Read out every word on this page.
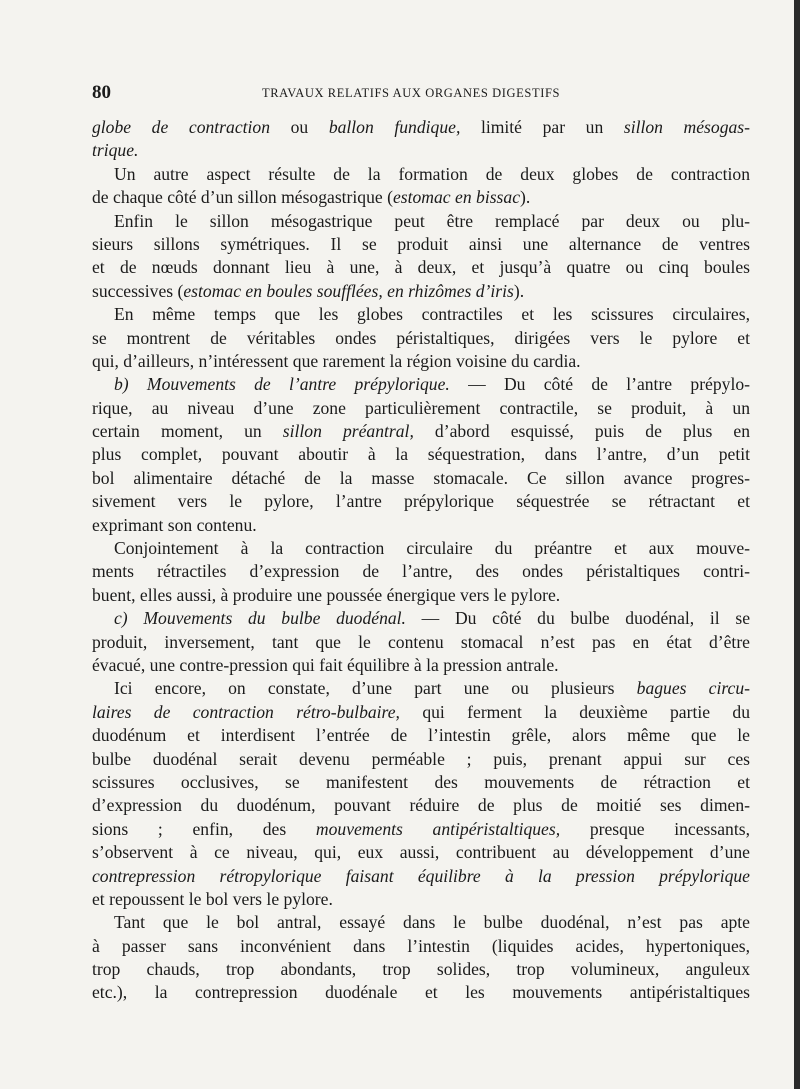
80	TRAVAUX RELATIFS AUX ORGANES DIGESTIFS
globe de contraction ou ballon fundique, limité par un sillon mésogas-
trique.
Un autre aspect résulte de la formation de deux globes de contraction
de chaque côté d’un sillon mésogastrique (estomac en bissac).
Enfin le sillon mésogastrique peut être remplacé par deux ou plu-
sieurs sillons symétriques. Il se produit ainsi une alternance de ventres
et de nœuds donnant lieu à une, à deux, et jusqu’à quatre ou cinq boules
successives (estomac en boules soufflées, en rhizômes d’iris).
En même temps que les globes contractiles et les scissures circulaires,
se montrent de véritables ondes péristaltiques, dirigées vers le pylore et
qui, d’ailleurs, n’intéressent que rarement la région voisine du cardia.
b) Mouvements de l’antre prépylorique. — Du côté de l’antre prépylo-
rique, au niveau d’une zone particulièrement contractile, se produit, à un
certain moment, un sillon préantral, d’abord esquissé, puis de plus en
plus complet, pouvant aboutir à la séquestration, dans l’antre, d’un petit
bol alimentaire détaché de la masse stomacale. Ce sillon avance progres-
sivement vers le pylore, l’antre prépylorique séquestrée se rétractant et
exprimant son contenu.
Conjointement à la contraction circulaire du préantre et aux mouve-
ments rétractiles d’expression de l’antre, des ondes péristaltiques contri-
buent, elles aussi, à produire une poussée énergique vers le pylore.
c) Mouvements du bulbe duodénal. — Du côté du bulbe duodénal, il se
produit, inversement, tant que le contenu stomacal n’est pas en état d’être
évacué, une contre-pression qui fait équilibre à la pression antrale.
Ici encore, on constate, d’une part une ou plusieurs bagues circu-
laires de contraction rétro-bulbaire, qui ferment la deuxième partie du
duodénum et interdisent l’entrée de l’intestin grêle, alors même que le
bulbe duodénal serait devenu perméable ; puis, prenant appui sur ces
scissures occlusives, se manifestent des mouvements de rétraction et
d’expression du duodénum, pouvant réduire de plus de moitié ses dimen-
sions ; enfin, des mouvements antipéristaltiques, presque incessants,
s’observent à ce niveau, qui, eux aussi, contribuent au développement d’une
contrepression rétropylorique faisant équilibre à la pression prépylorique
et repoussent le bol vers le pylore.
Tant que le bol antral, essayé dans le bulbe duodénal, n’est pas apte
à passer sans inconvénient dans l’intestin (liquides acides, hypertoniques,
trop chauds, trop abondants, trop solides, trop volumineux, anguleux
etc.), la contrepression duodénale et les mouvements antipéristaltiques
